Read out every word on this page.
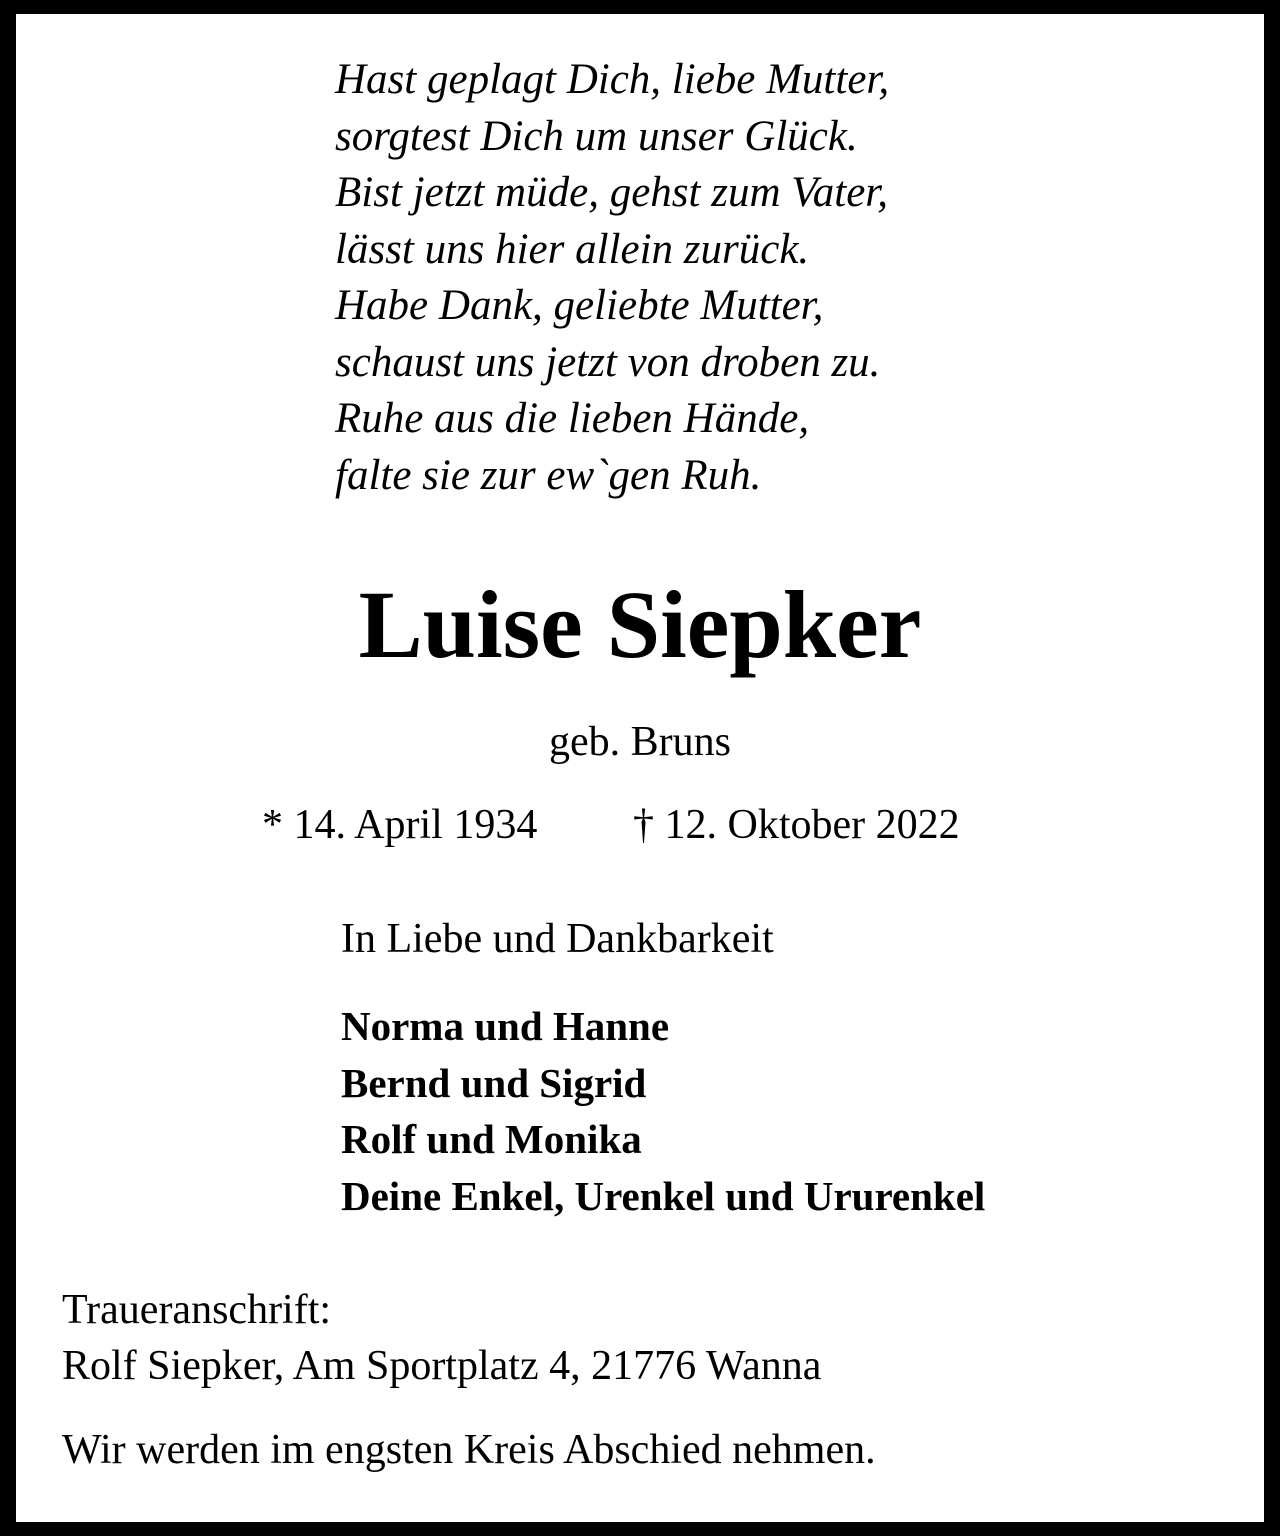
Hast geplagt Dich, liebe Mutter,
sorgtest Dich um unser Glück.
Bist jetzt müde, gehst zum Vater,
lässt uns hier allein zurück.
Habe Dank, geliebte Mutter,
schaust uns jetzt von droben zu.
Ruhe aus die lieben Hände,
falte sie zur ew`gen Ruh.
Luise Siepker
geb. Bruns
* 14. April 1934 † 12. Oktober 2022
In Liebe und Dankbarkeit
Norma und Hanne
Bernd und Sigrid
Rolf und Monika
Deine Enkel, Urenkel und Ururenkel
Traueranschrift:
Rolf Siepker, Am Sportplatz 4, 21776 Wanna
Wir werden im engsten Kreis Abschied nehmen.
